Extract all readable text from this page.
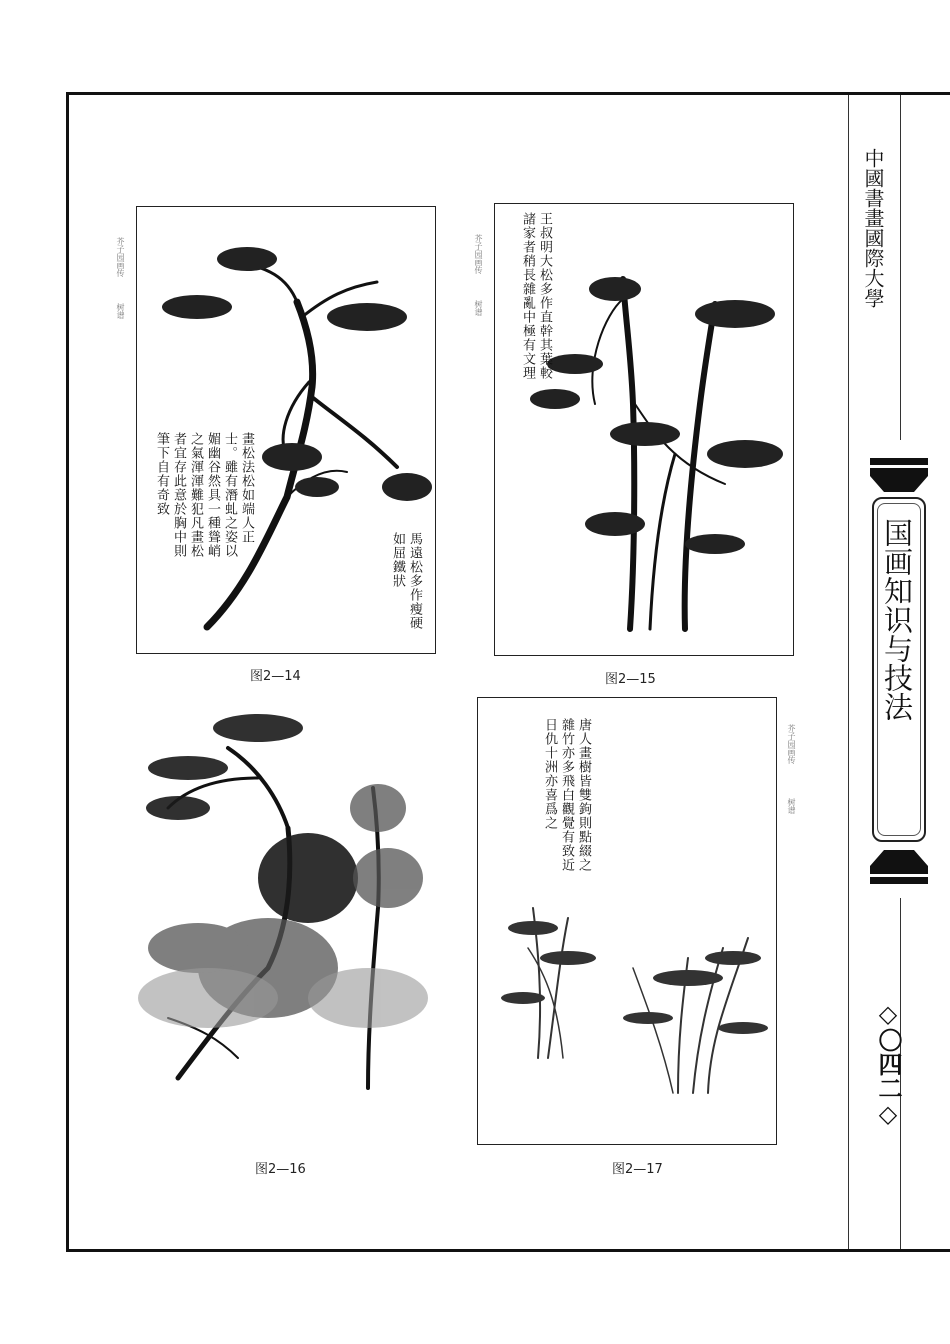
中國書畫國際大學
国画知识与技法
◇〇四二◇
芥子园画传
树谱
畫松法松如端人正士。雖有潛虬之姿以媚幽谷然具一種聳峭之氣渾渾難犯凡畫松者宜存此意於胸中則筆下自有奇致
馬遠松多作瘦硬如屈鐵狀
图2—14
王叔明大松多作直幹其葉較諸家者稍長雜亂中極有文理
芥子园画传
树谱
图2—15
图2—16
唐人畫樹皆雙鉤則點綴之雜竹亦多飛白觀覺有致近日仇十洲亦喜爲之	芥子园画传
树谱
图2—17
